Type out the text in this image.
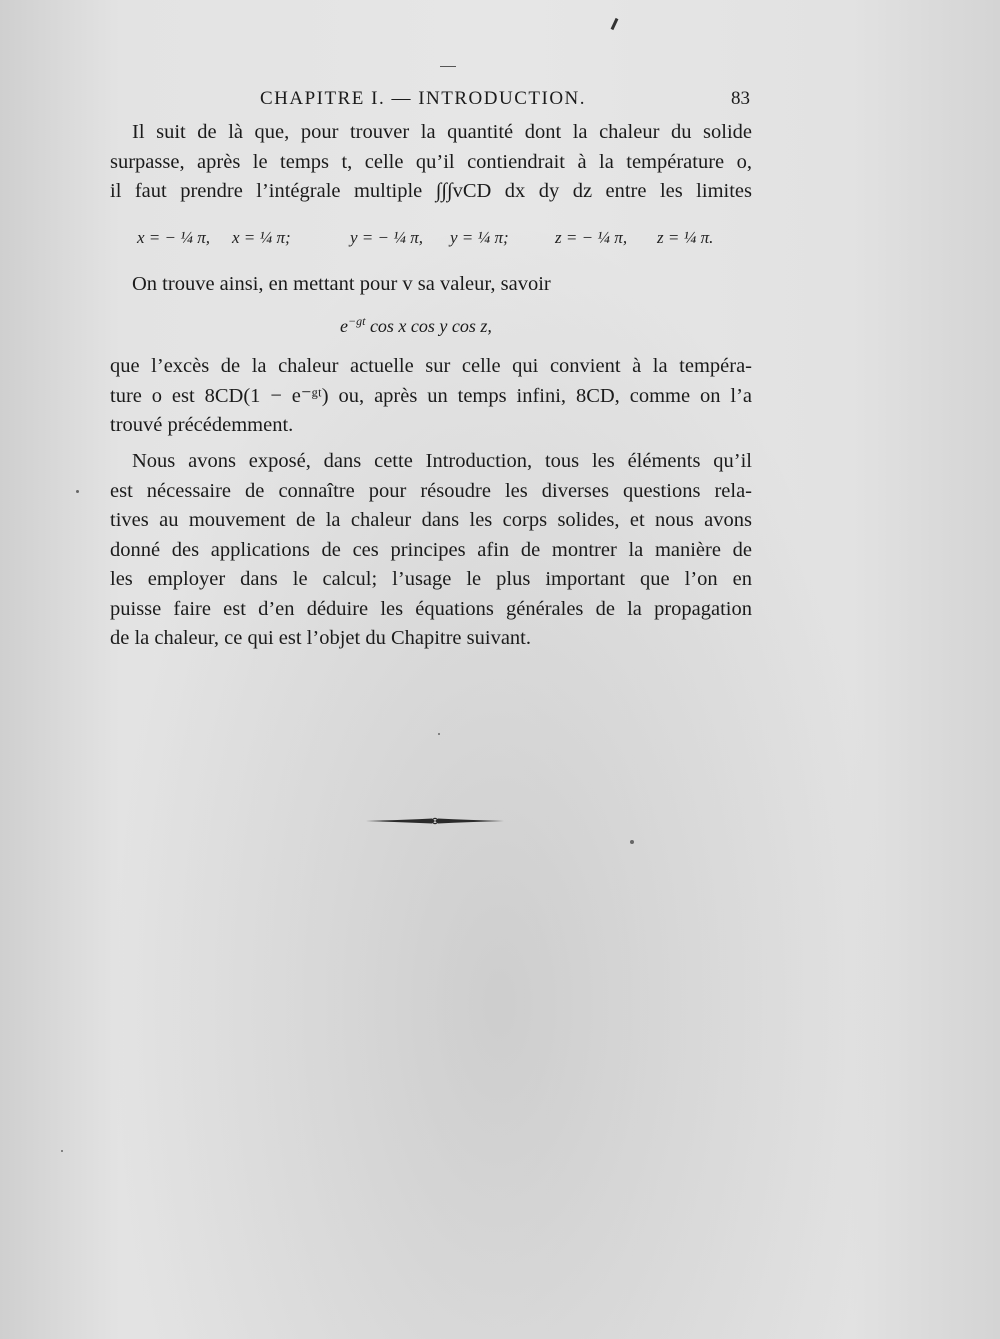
CHAPITRE I. — INTRODUCTION.	83
Il suit de là que, pour trouver la quantité dont la chaleur du solide
surpasse, après le temps t, celle qu’il contiendrait à la température o,
il faut prendre l’intégrale multiple ∫∫∫vCD dx dy dz entre les limites
x = − ¼ π, x = ¼ π;	y = − ¼ π, y = ¼ π;	z = − ¼ π, z = ¼ π.
On trouve ainsi, en mettant pour v sa valeur, savoir
$e^{-gt}$ cos x cos y cos z,
que l’excès de la chaleur actuelle sur celle qui convient à la tempéra-
ture o est 8CD(1 − e⁻ᵍᵗ) ou, après un temps infini, 8CD, comme on l’a
trouvé précédemment.
Nous avons exposé, dans cette Introduction, tous les éléments qu’il
est nécessaire de connaître pour résoudre les diverses questions rela-
tives au mouvement de la chaleur dans les corps solides, et nous avons
donné des applications de ces principes afin de montrer la manière de
les employer dans le calcul; l’usage le plus important que l’on en
puisse faire est d’en déduire les équations générales de la propagation
de la chaleur, ce qui est l’objet du Chapitre suivant.
